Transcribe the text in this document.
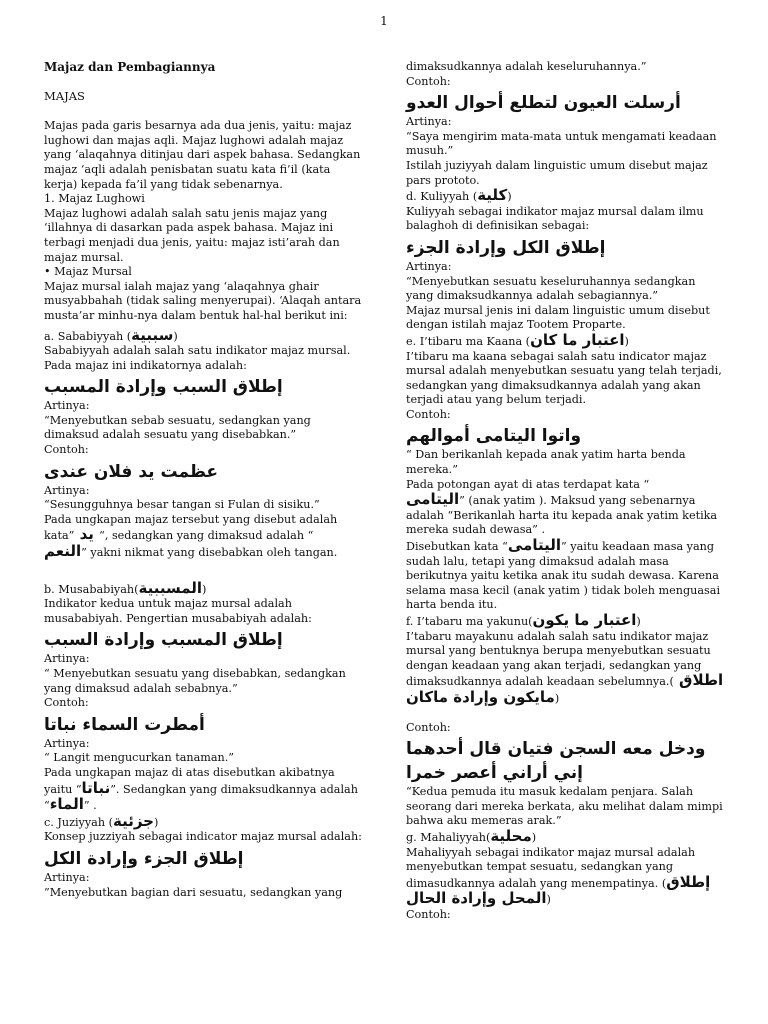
1

Majaz dan Pembagiannya

MAJAS

Majas pada garis besarnya ada dua jenis, yaitu: majaz lughowi dan majas aqli. Majaz lughowi adalah majaz yang ‘alaqahnya ditinjau dari aspek bahasa. Sedangkan majaz ‘aqli adalah penisbatan suatu kata fi’il (kata kerja) kepada fa’il yang tidak sebenarnya.

1. Majaz Lughowi

Majaz lughowi adalah salah satu jenis majaz yang ‘illahnya di dasarkan pada aspek bahasa. Majaz ini terbagi menjadi dua jenis, yaitu: majaz isti’arah dan majaz mursal.

• Majaz Mursal

Majaz mursal ialah majaz yang ‘alaqahnya ghair musyabbahah (tidak saling menyerupai). ‘Alaqah antara musta’ar minhu-nya dalam bentuk hal-hal berikut ini:

a. Sababiyyah (سببية)

Sababiyyah adalah salah satu indikator majaz mursal. Pada majaz ini indikatornya adalah:

إطلاق السبب وإرادة المسبب

Artinya:

“Menyebutkan sebab sesuatu, sedangkan yang dimaksud adalah sesuatu yang disebabkan.”

Contoh:

عظمت يد فلان عندى

Artinya:

“Sesungguhnya besar tangan si Fulan di sisiku.”

Pada ungkapan majaz tersebut yang disebut adalah kata” يد “, sedangkan yang dimaksud adalah “
النعم” yakni nikmat yang disebabkan oleh tangan.

b. Musababiyah(المسببية)

Indikator kedua untuk majaz mursal adalah musababiyah. Pengertian musababiyah adalah:

إطلاق المسبب وإرادة السبب

Artinya:

“ Menyebutkan sesuatu yang disebabkan, sedangkan yang dimaksud adalah sebabnya.”

Contoh:

أمطرت السماء نباتا

Artinya:

“ Langit mengucurkan tanaman.”

Pada ungkapan majaz di atas disebutkan akibatnya yaitu “نباتا”. Sedangkan yang dimaksudkannya adalah “الماء” .

c. Juziyyah (جزئية)

Konsep juzziyah sebagai indicator majaz mursal adalah:

إطلاق الجزء وإرادة الكل

Artinya:

”Menyebutkan bagian dari sesuatu, sedangkan yang

dimaksudkannya adalah keseluruhannya.”

Contoh:

أرسلت العيون لتطلع أحوال العدو

Artinya:

“Saya mengirim mata-mata untuk mengamati keadaan musuh.”

Istilah juziyyah dalam linguistic umum disebut majaz pars prototo.

d. Kuliyyah (كلية)

Kuliyyah sebagai indikator majaz mursal dalam ilmu balaghoh di definisikan sebagai:

إطلاق الكل وإرادة الجزء

Artinya:

“Menyebutkan sesuatu keseluruhannya sedangkan yang dimaksudkannya adalah sebagiannya.”

Majaz mursal jenis ini dalam linguistic umum disebut dengan istilah majaz Tootem Proparte.

e. I’tibaru ma Kaana (اعتبار ما كان)

I’tibaru ma kaana sebagai salah satu indicator majaz mursal adalah menyebutkan sesuatu yang telah terjadi, sedangkan yang dimaksudkannya adalah yang akan terjadi atau yang belum terjadi.

Contoh:

واتوا اليتامى أموالهم

“ Dan berikanlah kepada anak yatim harta benda mereka.”

Pada potongan ayat di atas terdapat kata “
اليتامى” (anak yatim ). Maksud yang sebenarnya adalah “Berikanlah harta itu kepada anak yatim ketika mereka sudah dewasa” .

Disebutkan kata “اليتامى” yaitu keadaan masa yang sudah lalu, tetapi yang dimaksud adalah masa berikutnya yaitu ketika anak itu sudah dewasa. Karena selama masa kecil (anak yatim ) tidak boleh menguasai harta benda itu.

f. I’tabaru ma yakunu(اعتبار ما يكون)

I’tabaru mayakunu adalah salah satu indikator majaz mursal yang bentuknya berupa menyebutkan sesuatu dengan keadaan yang akan terjadi, sedangkan yang dimaksudkannya adalah keadaan sebelumnya.( اطلاق مايكون وإرادة ماكان)

Contoh:

ودخل معه السجن فتيان قال أحدهما إني أراني أعصر خمرا

“Kedua pemuda itu masuk kedalam penjara. Salah seorang dari mereka berkata, aku melihat dalam mimpi bahwa aku memeras arak.”

g. Mahaliyyah(محلية)

Mahaliyyah sebagai indikator majaz mursal adalah menyebutkan tempat sesuatu, sedangkan yang dimasudkannya adalah yang menempatinya. (إطلاق المحل وإرادة الحال)

Contoh:
